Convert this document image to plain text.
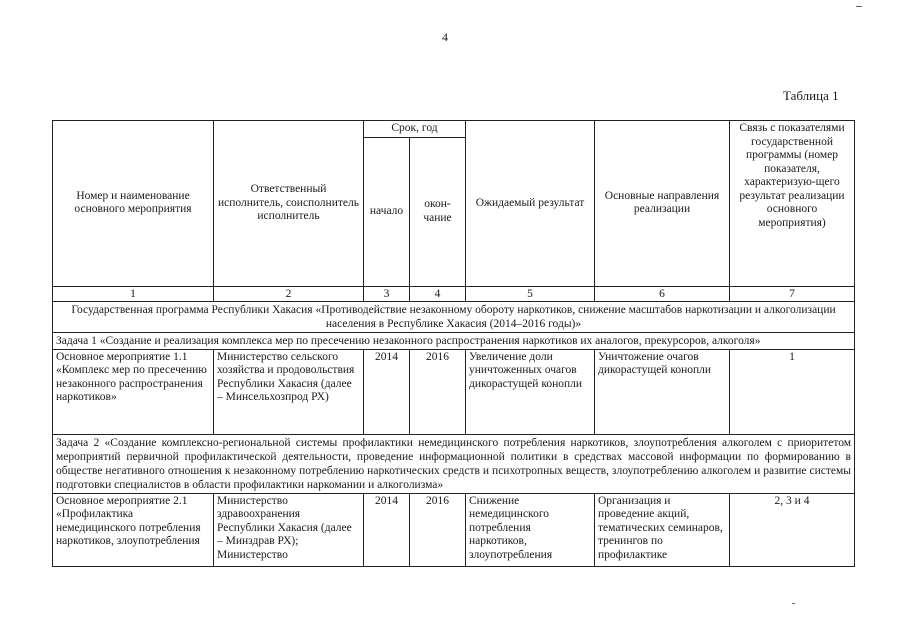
4
Таблица 1
Номер и наименование основного мероприятия	Ответственный исполнитель, соисполнитель исполнитель	Срок, год		Ожидаемый результат	Основные направления реализации	Связь с показателями государственной программы (номер показателя, характеризую-щего результат реализации основного мероприятия)
		начало	окон-чание			
1	2	3	4	5	6	7
Государственная программа Республики Хакасия «Противодействие незаконному обороту наркотиков, снижение масштабов наркотизации и алкоголизации населения в Республике Хакасия (2014–2016 годы)»						
Задача 1 «Создание и реализация комплекса мер по пресечению незаконного распространения наркотиков их аналогов, прекурсоров, алкоголя»						
Основное мероприятие 1.1 «Комплекс мер по пресечению незаконного распространения наркотиков»	Министерство сельского хозяйства и продовольствия Республики Хакасия (далее – Минсельхозпрод РХ)	2014	2016	Увеличение доли уничтоженных очагов дикорастущей конопли	Уничтожение очагов дикорастущей конопли	1
Задача 2 «Создание комплексно-региональной системы профилактики немедицинского потребления наркотиков, злоупотребления алкоголем с приоритетом мероприятий первичной профилактической деятельности, проведение информационной политики в средствах массовой информации по формированию в обществе негативного отношения к незаконному потреблению наркотических средств и психотропных веществ, злоупотреблению алкоголем и развитие системы подготовки специалистов в области профилактики наркомании и алкоголизма»						
Основное мероприятие 2.1 «Профилактика немедицинского потребления наркотиков, злоупотребления	Министерство здравоохранения Республики Хакасия (далее – Минздрав РХ); Министерство	2014	2016	Снижение немедицинского потребления наркотиков, злоупотребления	Организация и проведение акций, тематических семинаров, тренингов по профилактике	2, 3 и 4
